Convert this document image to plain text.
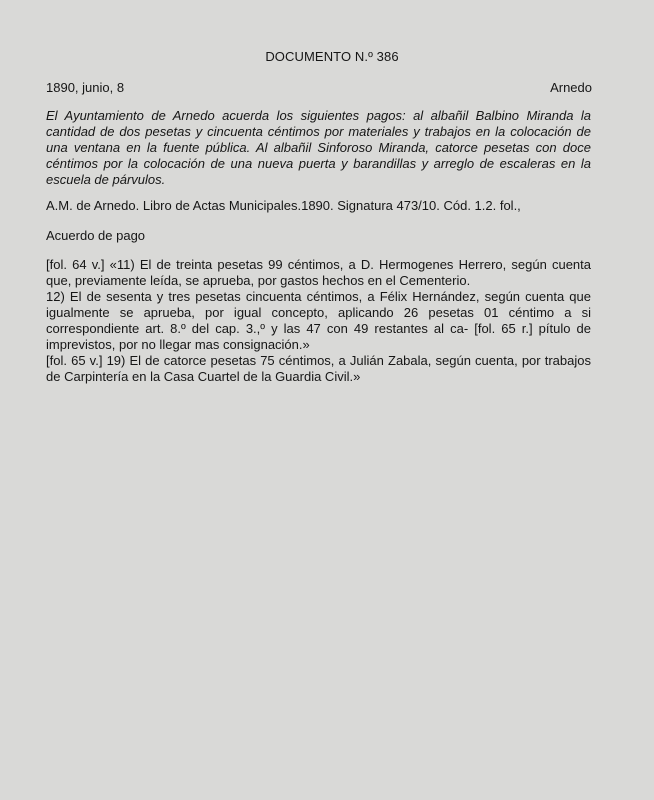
DOCUMENTO N.º 386
1890, junio, 8	Arnedo
El Ayuntamiento de Arnedo acuerda los siguientes pagos: al albañil Balbino Miranda la cantidad de dos pesetas y cincuenta céntimos por materiales y trabajos en la colocación de una ventana en la fuente pública. Al albañil Sinforoso Miranda, catorce pesetas con doce céntimos por la colocación de una nueva puerta y barandillas y arreglo de escaleras en la escuela de párvulos.
A.M. de Arnedo. Libro de Actas Municipales.1890. Signatura 473/10. Cód. 1.2. fol.,
Acuerdo de pago

[fol. 64 v.] «11) El de treinta pesetas 99 céntimos, a D. Hermogenes Herrero, según cuenta que, previamente leída, se aprueba, por gastos hechos en el Cementerio.

12) El de sesenta y tres pesetas cincuenta céntimos, a Félix Hernández, según cuenta que igualmente se aprueba, por igual concepto, aplicando 26 pesetas 01 céntimo a si correspondiente art. 8.º del cap. 3.,º y las 47 con 49 restantes al ca- [fol. 65 r.] pítulo de imprevistos, por no llegar mas consignación.»

[fol. 65 v.] 19) El de catorce pesetas 75 céntimos, a Julián Zabala, según cuenta, por trabajos de Carpintería en la Casa Cuartel de la Guardia Civil.»
